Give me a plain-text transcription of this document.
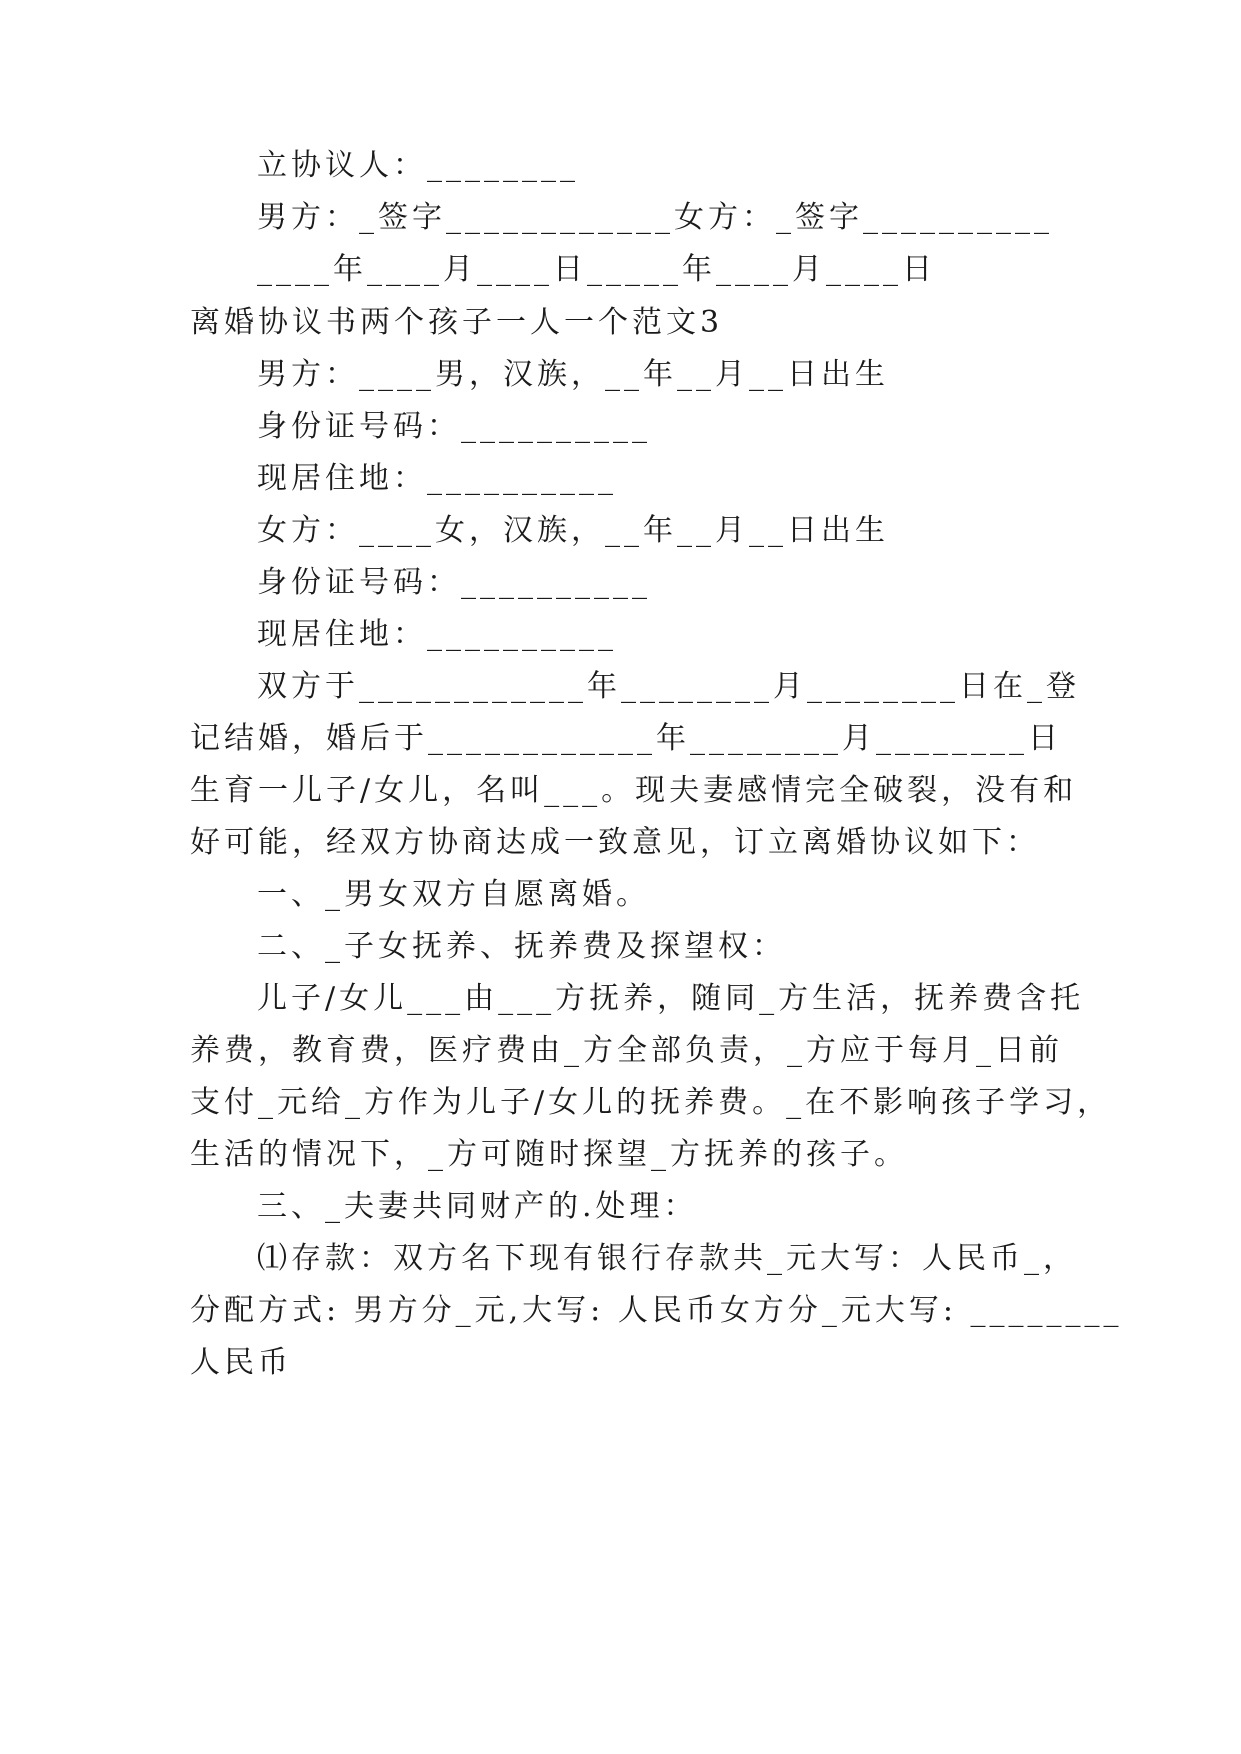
立协议人：________
男方：_签字____________女方：_签字__________
____年____月____日_____年____月____日
离婚协议书两个孩子一人一个范文3
男方：____男，汉族，__年__月__日出生
身份证号码：__________
现居住地：__________
女方：____女，汉族，__年__月__日出生
身份证号码：__________
现居住地：__________
双方于____________年________月________日在_登
记结婚，婚后于____________年________月________日
生育一儿子/女儿，名叫___。现夫妻感情完全破裂，没有和
好可能，经双方协商达成一致意见，订立离婚协议如下：
一、_男女双方自愿离婚。
二、_子女抚养、抚养费及探望权：
儿子/女儿___由___方抚养，随同_方生活，抚养费含托
养费，教育费，医疗费由_方全部负责，_方应于每月_日前
支付_元给_方作为儿子/女儿的抚养费。_在不影响孩子学习，
生活的情况下，_方可随时探望_方抚养的孩子。
三、_夫妻共同财产的.处理：
⑴存款：双方名下现有银行存款共_元大写：人民币_，
分配方式: 男方分_元,大写: 人民币女方分_元大写: ________
人民币
